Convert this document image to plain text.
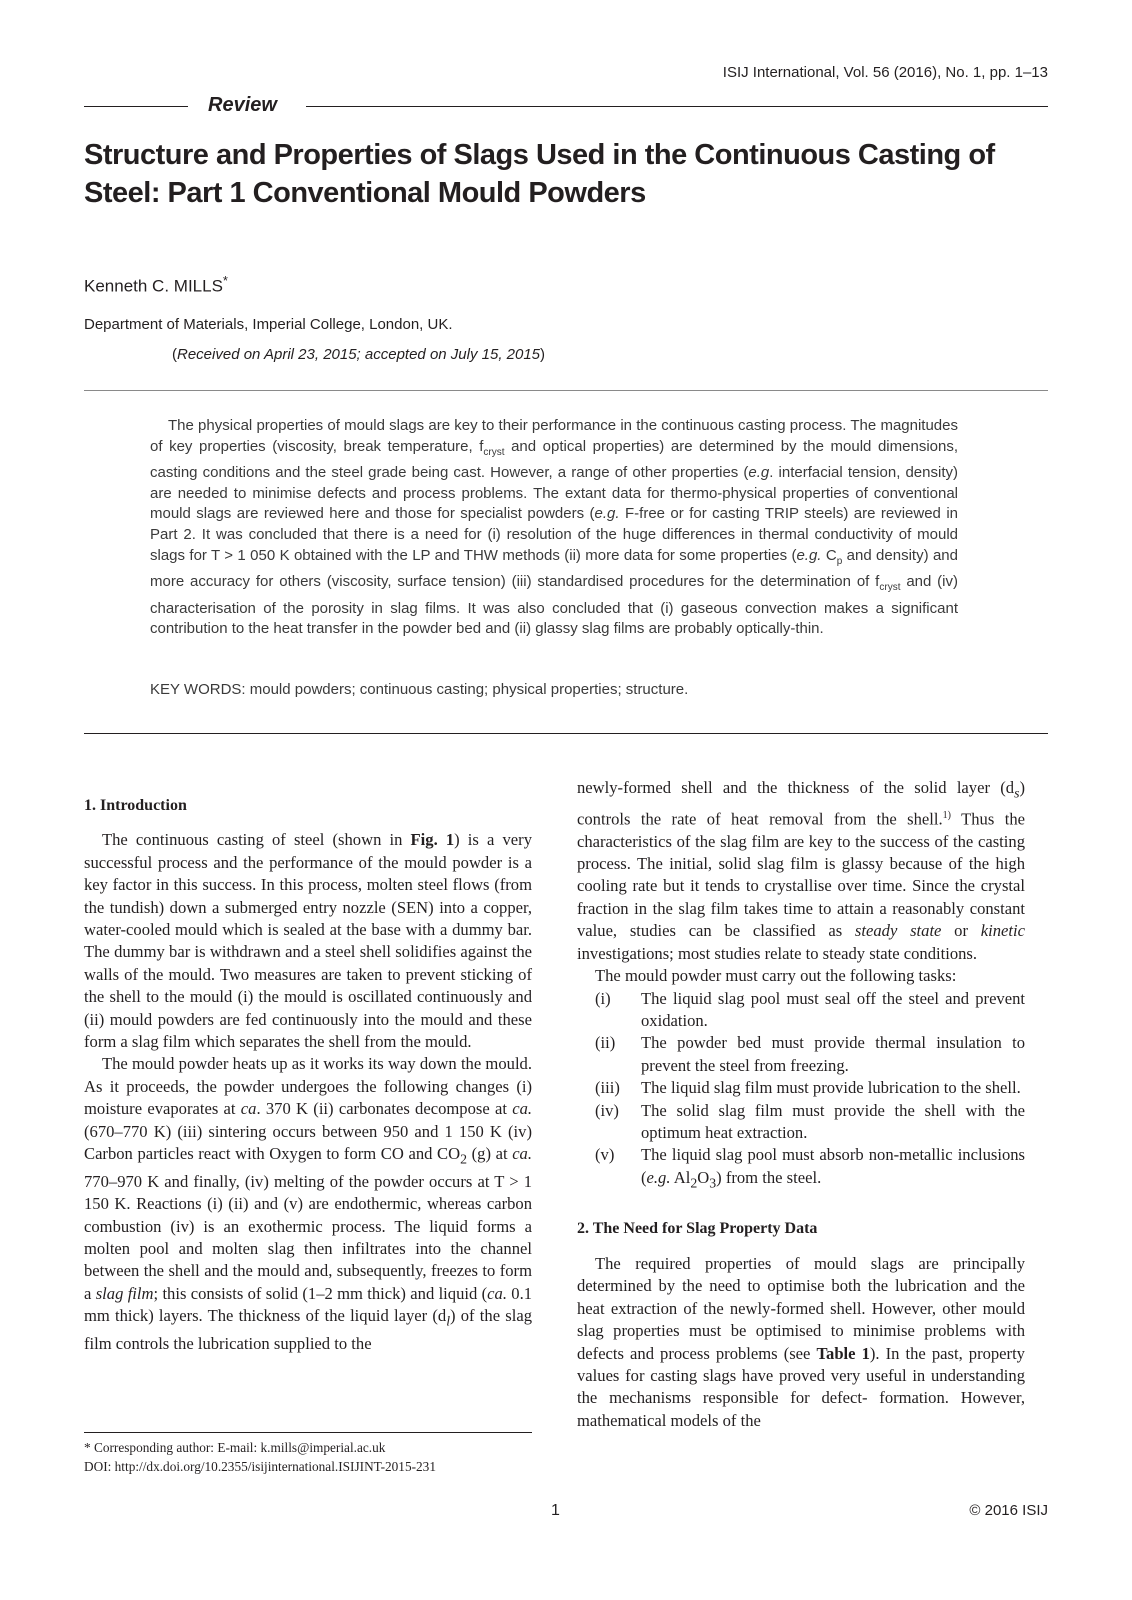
ISIJ International, Vol. 56 (2016), No. 1, pp. 1–13
Review
Structure and Properties of Slags Used in the Continuous Casting of Steel: Part 1 Conventional Mould Powders
Kenneth C. MILLS*
Department of Materials, Imperial College, London, UK.
(Received on April 23, 2015; accepted on July 15, 2015)

The physical properties of mould slags are key to their performance in the continuous casting process. The magnitudes of key properties (viscosity, break temperature, $f_{cryst}$ and optical properties) are determined by the mould dimensions, casting conditions and the steel grade being cast. However, a range of other properties (e.g. interfacial tension, density) are needed to minimise defects and process problems. The extant data for thermo-physical properties of conventional mould slags are reviewed here and those for specialist powders (e.g. F-free or for casting TRIP steels) are reviewed in Part 2. It was concluded that there is a need for (i) resolution of the huge differences in thermal conductivity of mould slags for T > 1 050 K obtained with the LP and THW methods (ii) more data for some properties (e.g. $C_p$ and density) and more accuracy for others (viscosity, surface tension) (iii) standardised procedures for the determination of $f_{cryst}$ and (iv) characterisation of the porosity in slag films. It was also concluded that (i) gaseous convection makes a significant contribution to the heat transfer in the powder bed and (ii) glassy slag films are probably optically-thin.

KEY WORDS: mould powders; continuous casting; physical properties; structure.
1. Introduction

The continuous casting of steel (shown in Fig. 1) is a very successful process and the performance of the mould powder is a key factor in this success. In this process, molten steel flows (from the tundish) down a submerged entry nozzle (SEN) into a copper, water-cooled mould which is sealed at the base with a dummy bar. The dummy bar is withdrawn and a steel shell solidifies against the walls of the mould. Two measures are taken to prevent sticking of the shell to the mould (i) the mould is oscillated continuously and (ii) mould powders are fed continuously into the mould and these form a slag film which separates the shell from the mould.

The mould powder heats up as it works its way down the mould. As it proceeds, the powder undergoes the following changes (i) moisture evaporates at ca. 370 K (ii) carbonates decompose at ca. (670–770 K) (iii) sintering occurs between 950 and 1 150 K (iv) Carbon particles react with Oxygen to form CO and $CO_2$ (g) at ca. 770–970 K and finally, (iv) melting of the powder occurs at T > 1 150 K. Reactions (i) (ii) and (v) are endothermic, whereas carbon combustion (iv) is an exothermic process. The liquid forms a molten pool and molten slag then infiltrates into the channel between the shell and the mould and, subsequently, freezes to form a slag film; this consists of solid (1–2 mm thick) and liquid (ca. 0.1 mm thick) layers. The thickness of the liquid layer $(d_l)$ of the slag film controls the lubrication supplied to the

newly-formed shell and the thickness of the solid layer $(d_s)$ controls the rate of heat removal from the shell.$^{1)}$ Thus the characteristics of the slag film are key to the success of the casting process. The initial, solid slag film is glassy because of the high cooling rate but it tends to crystallise over time. Since the crystal fraction in the slag film takes time to attain a reasonably constant value, studies can be classified as steady state or kinetic investigations; most studies relate to steady state conditions.

The mould powder must carry out the following tasks:

(i)	The liquid slag pool must seal off the steel and prevent oxidation.
(ii)	The powder bed must provide thermal insulation to prevent the steel from freezing.
(iii)	The liquid slag film must provide lubrication to the shell.
(iv)	The solid slag film must provide the shell with the optimum heat extraction.
(v)	The liquid slag pool must absorb non-metallic inclusions (e.g. $Al_2O_3$) from the steel.
2. The Need for Slag Property Data

The required properties of mould slags are principally determined by the need to optimise both the lubrication and the heat extraction of the newly-formed shell. However, other mould slag properties must be optimised to minimise problems with defects and process problems (see Table 1). In the past, property values for casting slags have proved very useful in understanding the mechanisms responsible for defect- formation. However, mathematical models of the

* Corresponding author: E-mail: k.mills@imperial.ac.uk
DOI: http://dx.doi.org/10.2355/isijinternational.ISIJINT-2015-231
1	© 2016 ISIJ
